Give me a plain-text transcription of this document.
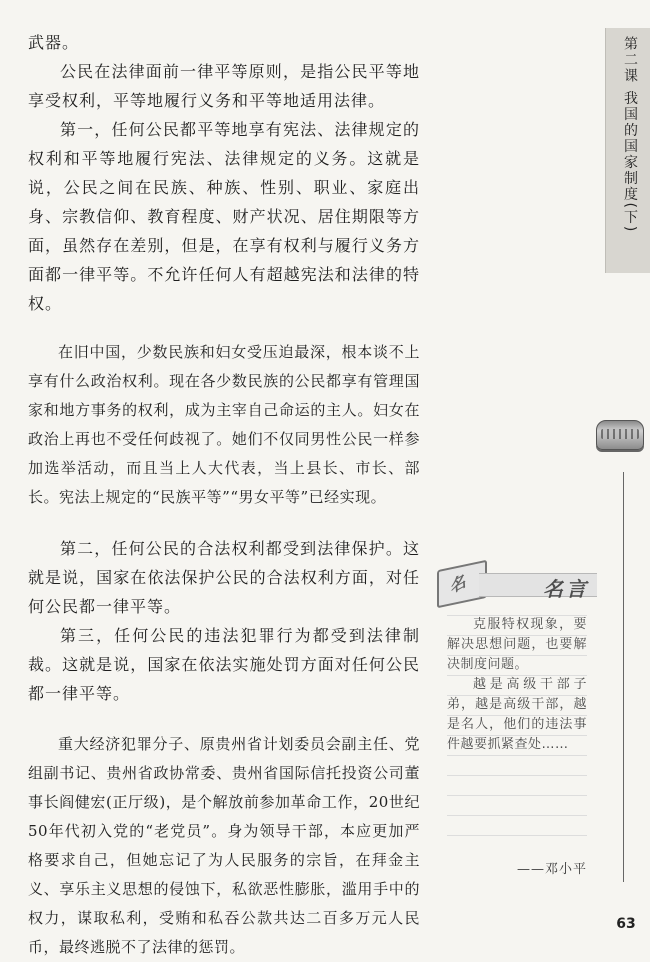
武器。

公民在法律面前一律平等原则，是指公民平等地享受权利，平等地履行义务和平等地适用法律。

第一，任何公民都平等地享有宪法、法律规定的权利和平等地履行宪法、法律规定的义务。这就是说，公民之间在民族、种族、性别、职业、家庭出身、宗教信仰、教育程度、财产状况、居住期限等方面，虽然存在差别，但是，在享有权利与履行义务方面都一律平等。不允许任何人有超越宪法和法律的特权。

在旧中国，少数民族和妇女受压迫最深，根本谈不上享有什么政治权利。现在各少数民族的公民都享有管理国家和地方事务的权利，成为主宰自己命运的主人。妇女在政治上再也不受任何歧视了。她们不仅同男性公民一样参加选举活动，而且当上人大代表，当上县长、市长、部长。宪法上规定的“民族平等”“男女平等”已经实现。

第二，任何公民的合法权利都受到法律保护。这就是说，国家在依法保护公民的合法权利方面，对任何公民都一律平等。

第三，任何公民的违法犯罪行为都受到法律制裁。这就是说，国家在依法实施处罚方面对任何公民都一律平等。

重大经济犯罪分子、原贵州省计划委员会副主任、党组副书记、贵州省政协常委、贵州省国际信托投资公司董事长阎健宏(正厅级)，是个解放前参加革命工作，20世纪50年代初入党的“老党员”。身为领导干部，本应更加严格要求自己，但她忘记了为人民服务的宗旨，在拜金主义、享乐主义思想的侵蚀下，私欲恶性膨胀，滥用手中的权力，谋取私利，受贿和私吞公款共达二百多万元人民币，最终逃脱不了法律的惩罚。

第二课 我国的国家制度(下)
63
名	名言

克服特权现象，要解决思想问题，也要解决制度问题。

越是高级干部子弟，越是高级干部，越是名人，他们的违法事件越要抓紧查处……

——邓小平
